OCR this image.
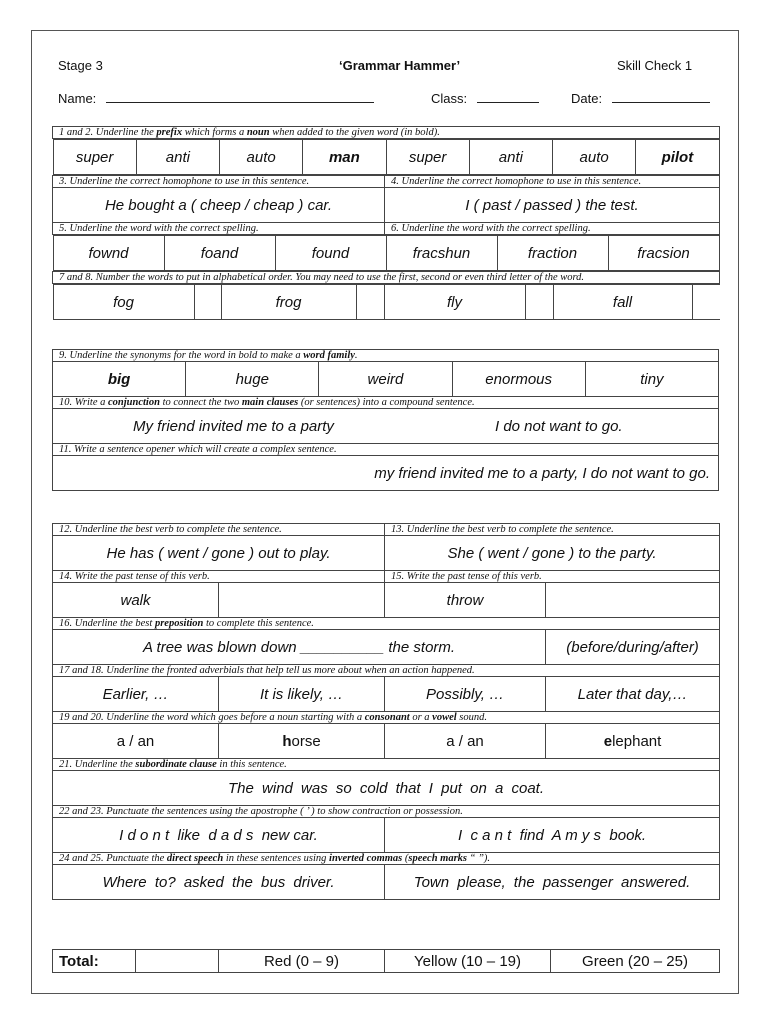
Stage 3	‘Grammar Hammer’	Skill Check 1
Name:	Class:	Date:
1 and 2. Underline the prefix which forms a noun when added to the given word (in bold).

super	anti	auto	man	super	anti	auto	pilot

3. Underline the correct homophone to use in this sentence.	4. Underline the correct homophone to use in this sentence.
He bought a ( cheep / cheap ) car.	I ( past / passed ) the test.
5. Underline the word with the correct spelling.	6. Underline the word with the correct spelling.

fownd	foand	found	fracshun	fraction	fracsion

7 and 8. Number the words to put in alphabetical order. You may need to use the first, second or even third letter of the word.

fog		frog		fly		fall	
9. Underline the synonyms for the word in bold to make a word family.
big	huge	weird	enormous	tiny
10. Write a conjunction to connect the two main clauses (or sentences) into a compound sentence.

My friend invited me to a party	I do not want to go.

11. Write a sentence opener which will create a complex sentence.
my friend invited me to a party, I do not want to go.
12. Underline the best verb to complete the sentence.		13. Underline the best verb to complete the sentence.	
He has ( went / gone ) out to play.		She ( went / gone ) to the party.	
14. Write the past tense of this verb.		15. Write the past tense of this verb.	
walk		throw	
16. Underline the best preposition to complete this sentence.			
A tree was blown down __________ the storm.			(before/during/after)
17 and 18. Underline the fronted adverbials that help tell us more about when an action happened.			
Earlier, …	It is likely, …	Possibly, …	Later that day,…
19 and 20. Underline the word which goes before a noun starting with a consonant or a vowel sound.			
a / an	horse	a / an	elephant
21. Underline the subordinate clause in this sentence.			
The wind was so cold that I put on a coat.			
22 and 23. Punctuate the sentences using the apostrophe ( ’ ) to show contraction or possession.			
I d o n t  like  d a d s  new car.		I  c a n t  find  A m y s  book.	
24 and 25. Punctuate the direct speech in these sentences using inverted commas (speech marks “ ”).			
Where to? asked the bus driver.		Town please, the passenger answered.	
Total:		Red (0 – 9)	Yellow (10 – 19)	Green (20 – 25)
